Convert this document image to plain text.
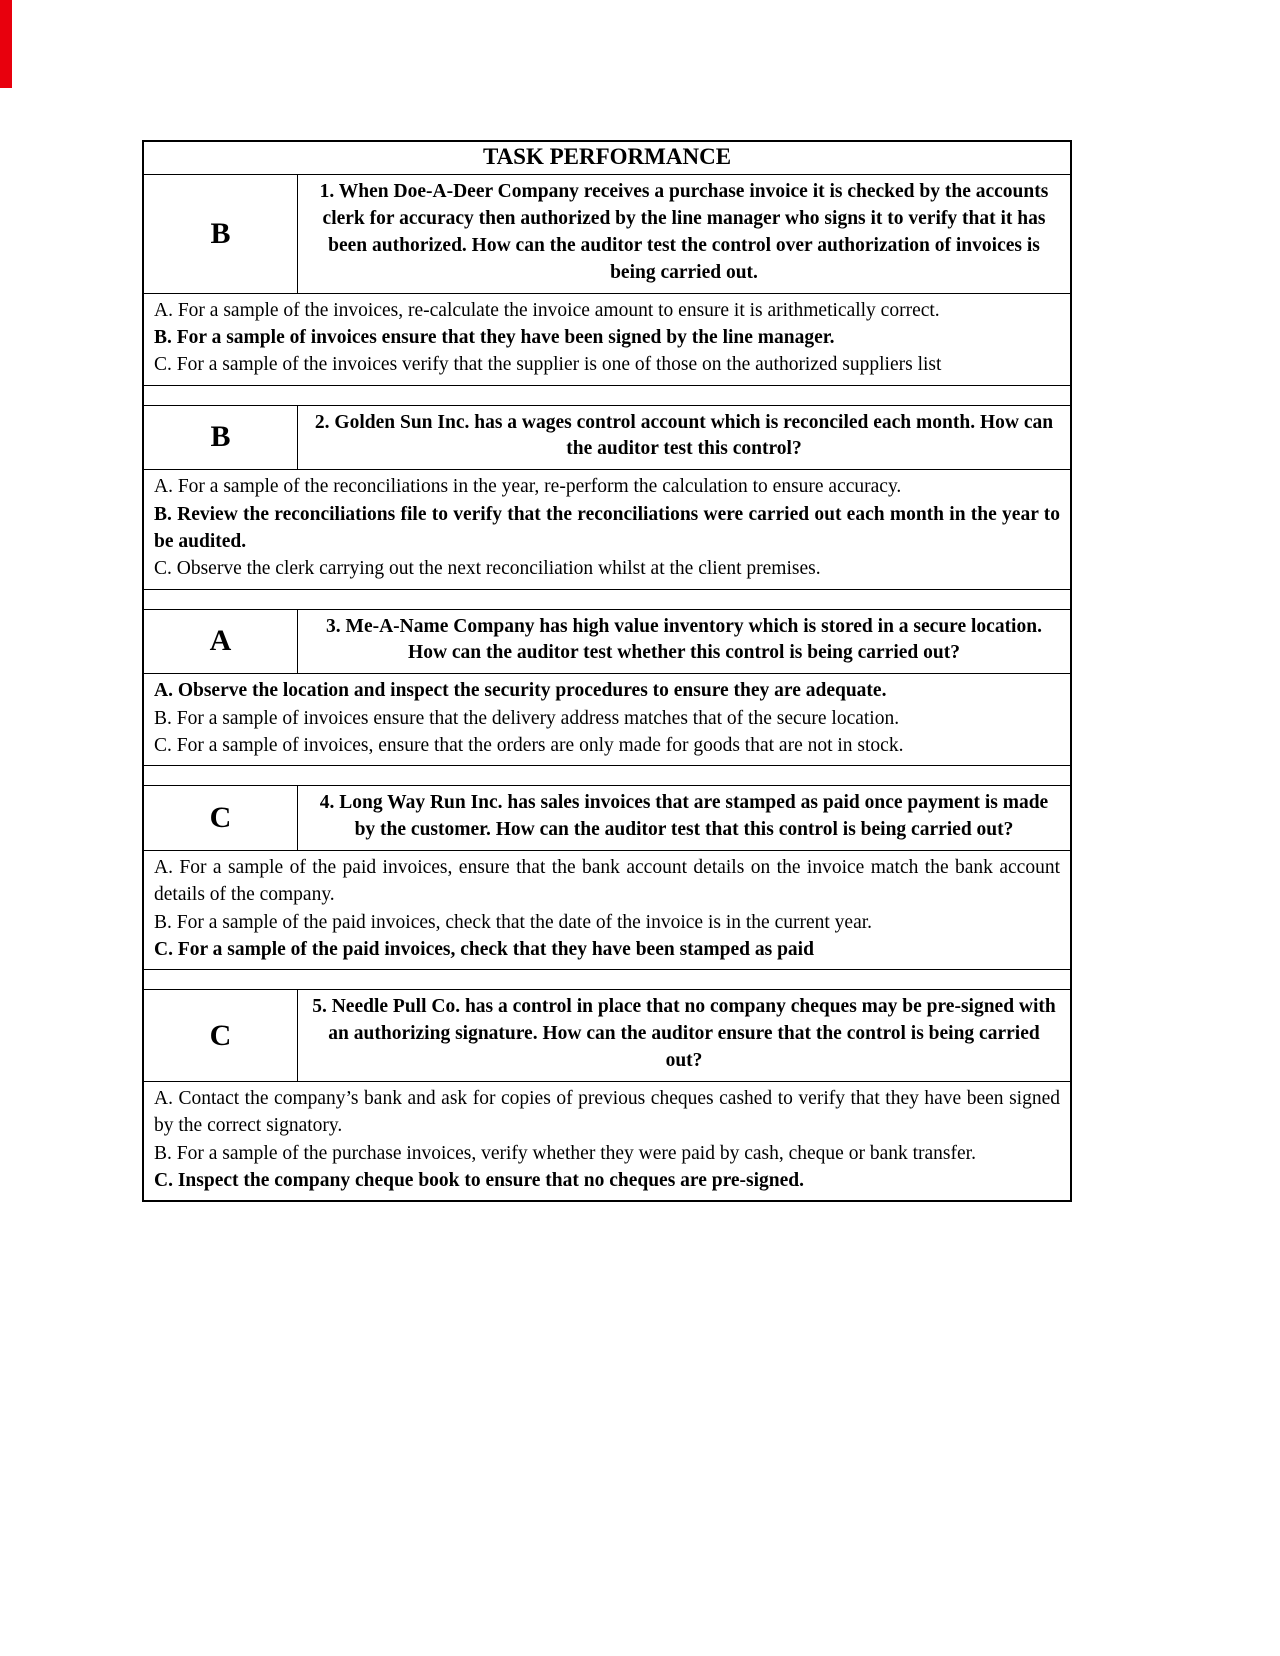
TASK PERFORMANCE
B
1. When Doe-A-Deer Company receives a purchase invoice it is checked by the accounts clerk for accuracy then authorized by the line manager who signs it to verify that it has been authorized. How can the auditor test the control over authorization of invoices is being carried out.

A. For a sample of the invoices, re-calculate the invoice amount to ensure it is arithmetically correct.

B. For a sample of invoices ensure that they have been signed by the line manager.

C. For a sample of the invoices verify that the supplier is one of those on the authorized suppliers list

B	2. Golden Sun Inc. has a wages control account which is reconciled each month. How can the auditor test this control?

A. For a sample of the reconciliations in the year, re-perform the calculation to ensure accuracy.

B. Review the reconciliations file to verify that the reconciliations were carried out each month in the year to be audited.

C. Observe the clerk carrying out the next reconciliation whilst at the client premises.

A	3. Me-A-Name Company has high value inventory which is stored in a secure location. How can the auditor test whether this control is being carried out?

A. Observe the location and inspect the security procedures to ensure they are adequate.

B. For a sample of invoices ensure that the delivery address matches that of the secure location.

C. For a sample of invoices, ensure that the orders are only made for goods that are not in stock.

C	4. Long Way Run Inc. has sales invoices that are stamped as paid once payment is made by the customer. How can the auditor test that this control is being carried out?

A. For a sample of the paid invoices, ensure that the bank account details on the invoice match the bank account details of the company.

B. For a sample of the paid invoices, check that the date of the invoice is in the current year.

C. For a sample of the paid invoices, check that they have been stamped as paid

C
5. Needle Pull Co. has a control in place that no company cheques may be pre-signed with an authorizing signature. How can the auditor ensure that the control is being carried out?

A. Contact the company’s bank and ask for copies of previous cheques cashed to verify that they have been signed by the correct signatory.

B. For a sample of the purchase invoices, verify whether they were paid by cash, cheque or bank transfer.

C. Inspect the company cheque book to ensure that no cheques are pre-signed.
